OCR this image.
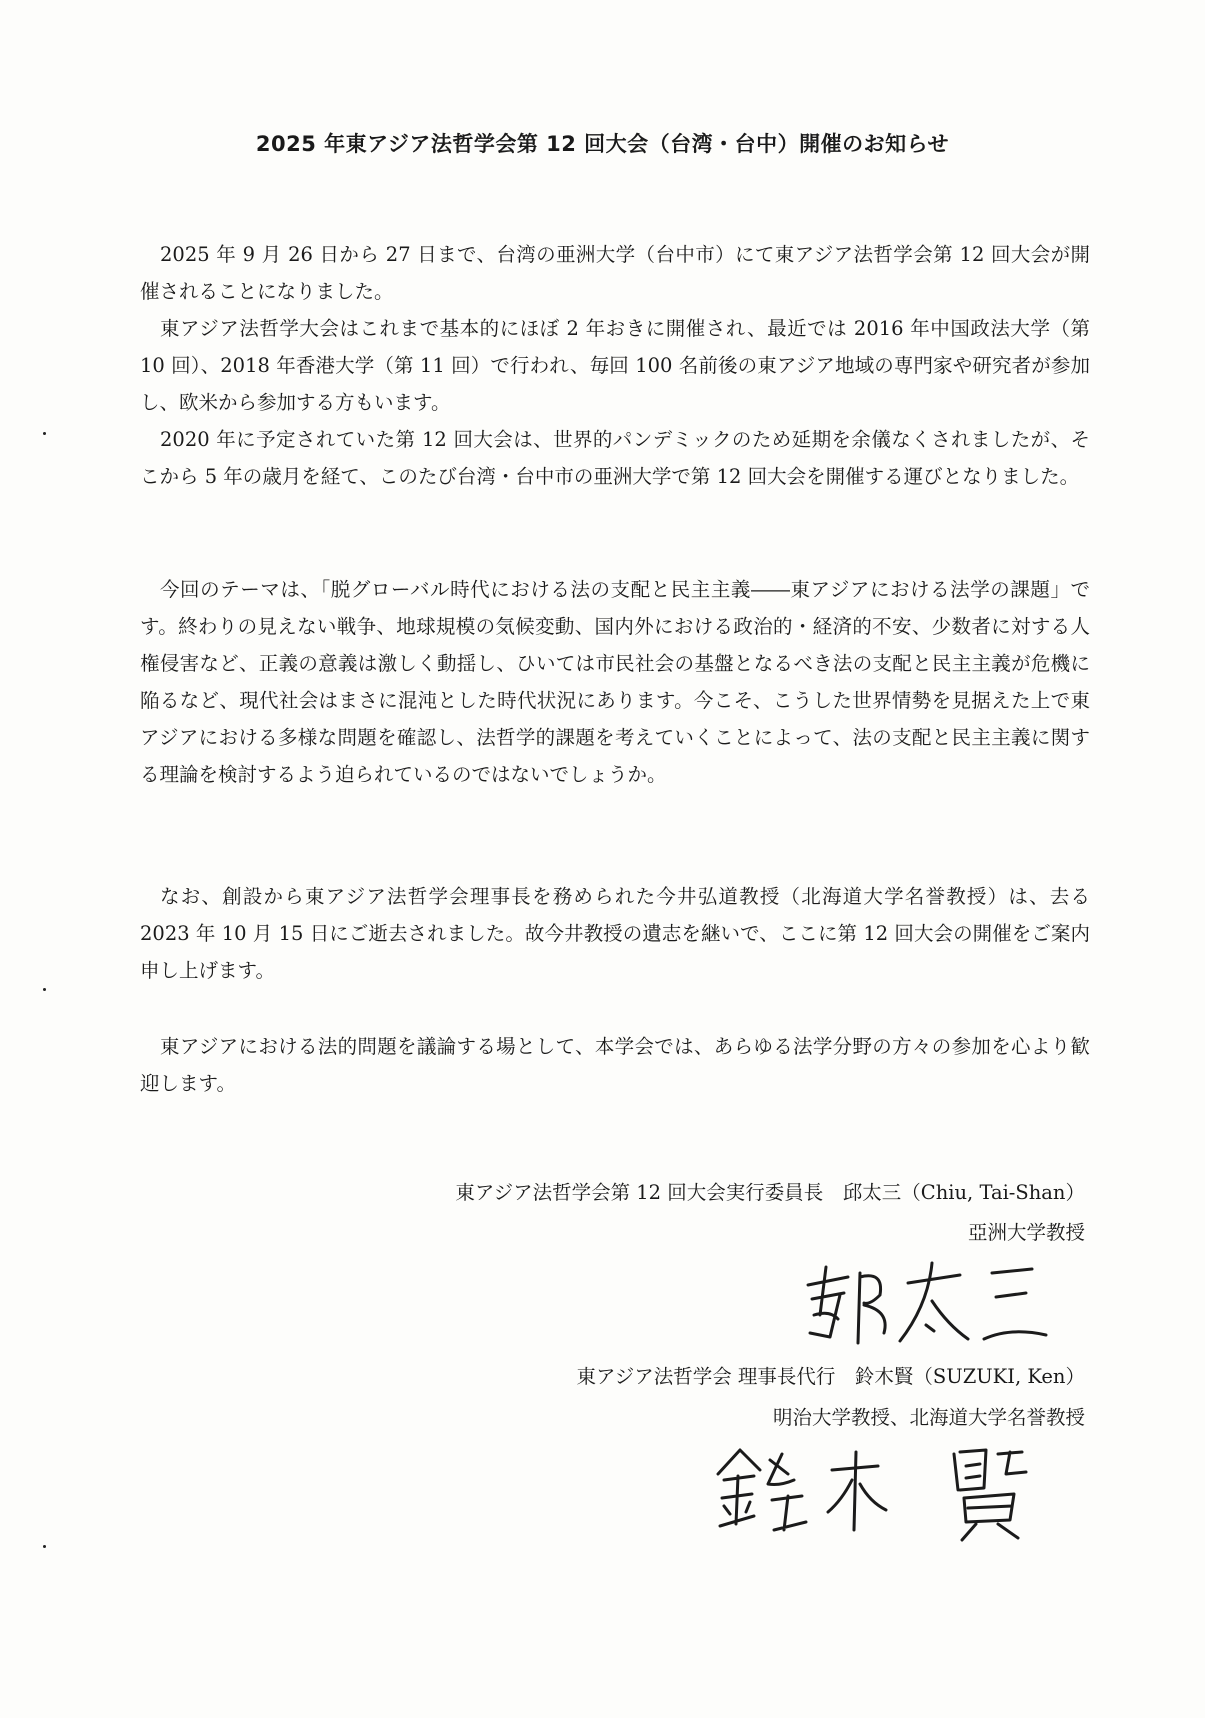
2025 年東アジア法哲学会第 12 回大会（台湾・台中）開催のお知らせ

2025 年 9 月 26 日から 27 日まで、台湾の亜洲大学（台中市）にて東アジア法哲学会第 12 回大会が開催されることになりました。

東アジア法哲学大会はこれまで基本的にほぼ 2 年おきに開催され、最近では 2016 年中国政法大学（第 10 回）、2018 年香港大学（第 11 回）で行われ、毎回 100 名前後の東アジア地域の専門家や研究者が参加し、欧米から参加する方もいます。

2020 年に予定されていた第 12 回大会は、世界的パンデミックのため延期を余儀なくされましたが、そこから 5 年の歳月を経て、このたび台湾・台中市の亜洲大学で第 12 回大会を開催する運びとなりました。

今回のテーマは、「脱グローバル時代における法の支配と民主主義――東アジアにおける法学の課題」です。終わりの見えない戦争、地球規模の気候変動、国内外における政治的・経済的不安、少数者に対する人権侵害など、正義の意義は激しく動揺し、ひいては市民社会の基盤となるべき法の支配と民主主義が危機に陥るなど、現代社会はまさに混沌とした時代状況にあります。今こそ、こうした世界情勢を見据えた上で東アジアにおける多様な問題を確認し、法哲学的課題を考えていくことによって、法の支配と民主主義に関する理論を検討するよう迫られているのではないでしょうか。

なお、創設から東アジア法哲学会理事長を務められた今井弘道教授（北海道大学名誉教授）は、去る 2023 年 10 月 15 日にご逝去されました。故今井教授の遺志を継いで、ここに第 12 回大会の開催をご案内申し上げます。

東アジアにおける法的問題を議論する場として、本学会では、あらゆる法学分野の方々の参加を心より歓迎します。

東アジア法哲学会第 12 回大会実行委員長　邱太三（Chiu, Tai-Shan）
亞洲大学教授
東アジア法哲学会 理事長代行　鈴木賢（SUZUKI, Ken）
明治大学教授、北海道大学名誉教授
